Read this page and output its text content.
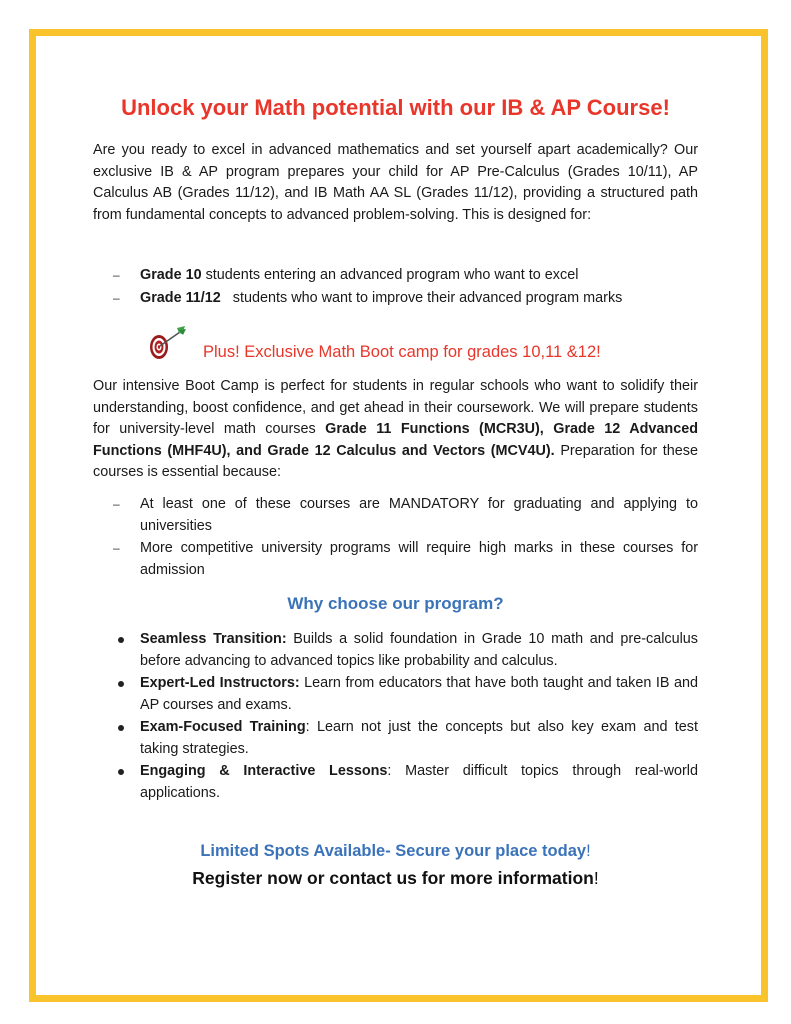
Unlock your Math potential with our IB & AP Course!

Are you ready to excel in advanced mathematics and set yourself apart academically? Our exclusive IB & AP program prepares your child for AP Pre-Calculus (Grades 10/11), AP Calculus AB (Grades 11/12), and IB Math AA SL (Grades 11/12), providing a structured path from fundamental concepts to advanced problem-solving. This is designed for:

– Grade 10 students entering an advanced program who want to excel
– Grade 11/12   students who want to improve their advanced program marks
Plus! Exclusive Math Boot camp for grades 10,11 &12!

Our intensive Boot Camp is perfect for students in regular schools who want to solidify their understanding, boost confidence, and get ahead in their coursework. We will prepare students for university-level math courses Grade 11 Functions (MCR3U), Grade 12 Advanced Functions (MHF4U), and Grade 12 Calculus and Vectors (MCV4U). Preparation for these courses is essential because:

– At least one of these courses are MANDATORY for graduating and applying to universities
– More competitive university programs will require high marks in these courses for admission
Why choose our program?
Seamless Transition: Builds a solid foundation in Grade 10 math and pre-calculus before advancing to advanced topics like probability and calculus.
Expert-Led Instructors: Learn from educators that have both taught and taken IB and AP courses and exams.
Exam-Focused Training: Learn not just the concepts but also key exam and test taking strategies.
Engaging & Interactive Lessons: Master difficult topics through real-world applications.
Limited Spots Available- Secure your place today!
Register now or contact us for more information!
